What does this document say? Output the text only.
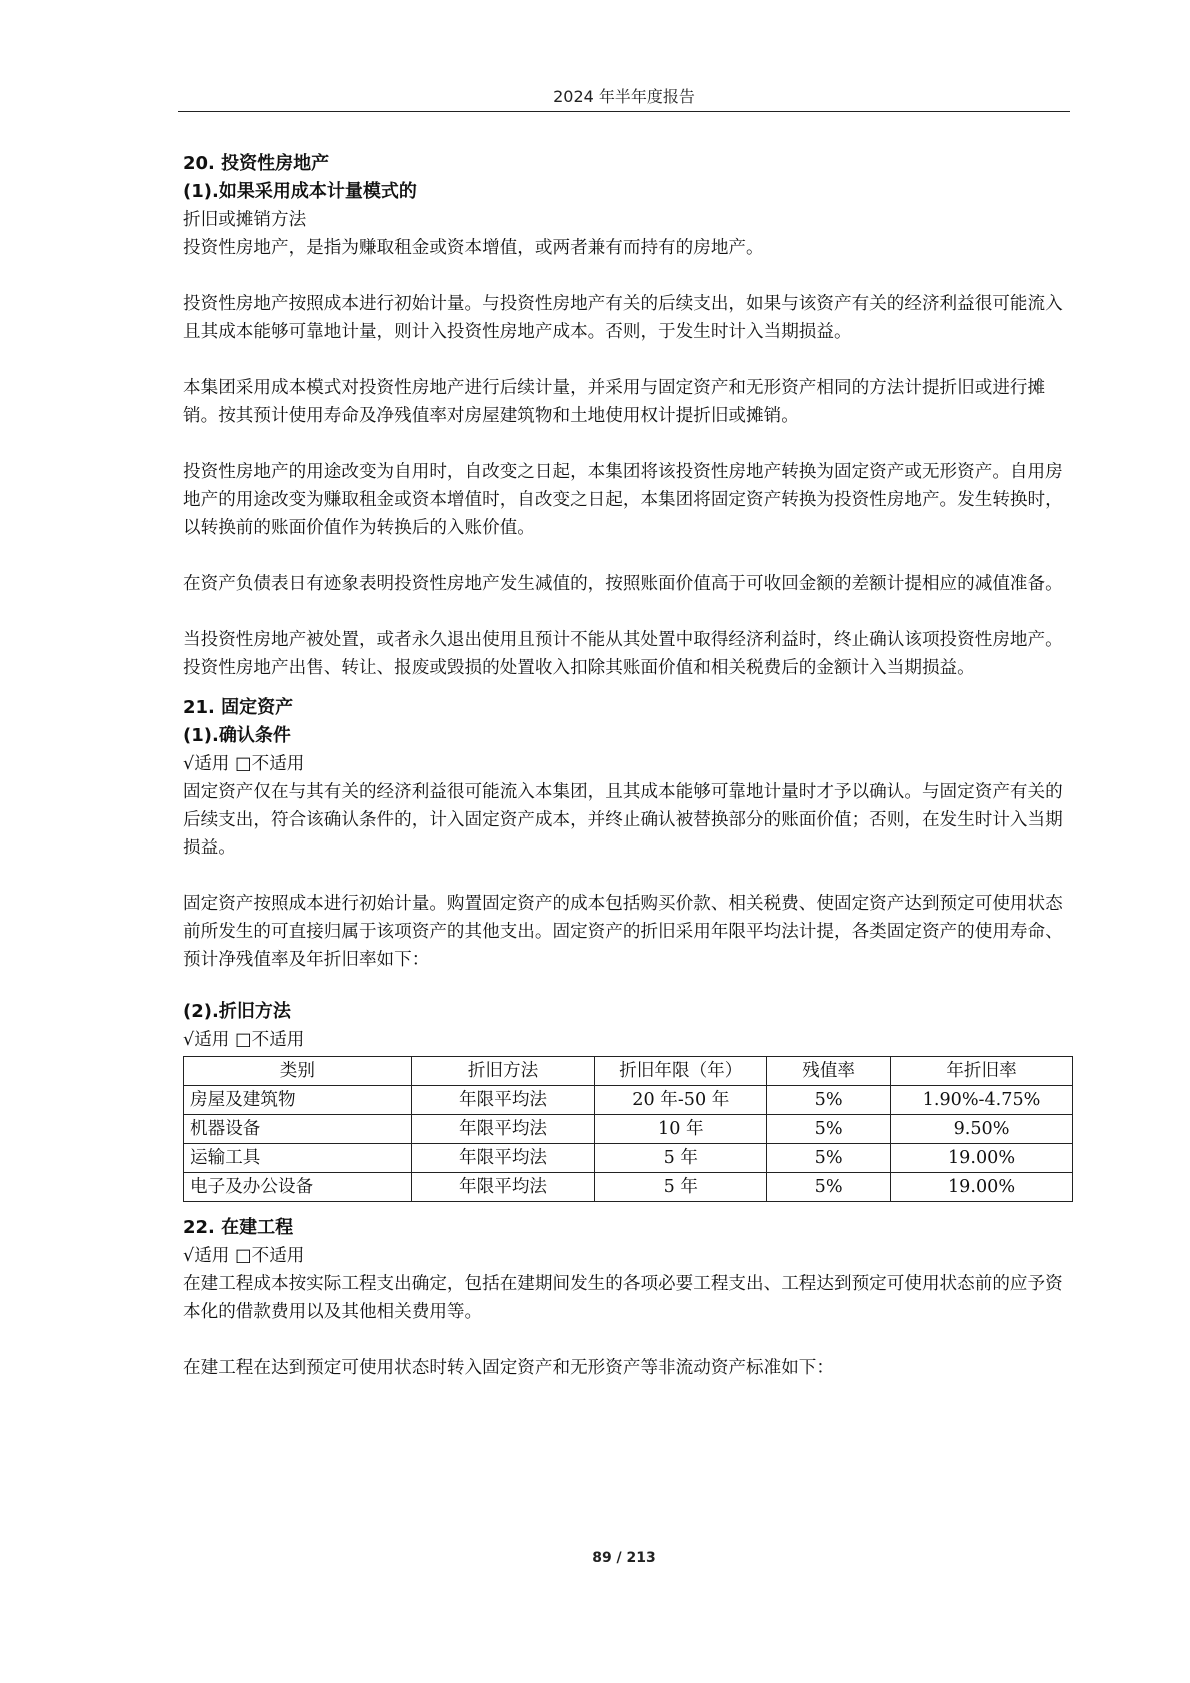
2024 年半年度报告

20. 投资性房地产

(1).如果采用成本计量模式的

折旧或摊销方法

投资性房地产，是指为赚取租金或资本增值，或两者兼有而持有的房地产。

投资性房地产按照成本进行初始计量。与投资性房地产有关的后续支出，如果与该资产有关的经济利益很可能流入且其成本能够可靠地计量，则计入投资性房地产成本。否则，于发生时计入当期损益。

本集团采用成本模式对投资性房地产进行后续计量，并采用与固定资产和无形资产相同的方法计提折旧或进行摊销。按其预计使用寿命及净残值率对房屋建筑物和土地使用权计提折旧或摊销。

投资性房地产的用途改变为自用时，自改变之日起，本集团将该投资性房地产转换为固定资产或无形资产。自用房地产的用途改变为赚取租金或资本增值时，自改变之日起，本集团将固定资产转换为投资性房地产。发生转换时，以转换前的账面价值作为转换后的入账价值。

在资产负债表日有迹象表明投资性房地产发生减值的，按照账面价值高于可收回金额的差额计提相应的减值准备。

当投资性房地产被处置，或者永久退出使用且预计不能从其处置中取得经济利益时，终止确认该项投资性房地产。投资性房地产出售、转让、报废或毁损的处置收入扣除其账面价值和相关税费后的金额计入当期损益。

21. 固定资产

(1).确认条件

√适用 □不适用

固定资产仅在与其有关的经济利益很可能流入本集团，且其成本能够可靠地计量时才予以确认。与固定资产有关的后续支出，符合该确认条件的，计入固定资产成本，并终止确认被替换部分的账面价值；否则，在发生时计入当期损益。

固定资产按照成本进行初始计量。购置固定资产的成本包括购买价款、相关税费、使固定资产达到预定可使用状态前所发生的可直接归属于该项资产的其他支出。固定资产的折旧采用年限平均法计提，各类固定资产的使用寿命、预计净残值率及年折旧率如下：

(2).折旧方法

√适用 □不适用

类别	折旧方法	折旧年限（年）	残值率	年折旧率
房屋及建筑物	年限平均法	20 年-50 年	5%	1.90%-4.75%
机器设备	年限平均法	10 年	5%	9.50%
运输工具	年限平均法	5 年	5%	19.00%
电子及办公设备	年限平均法	5 年	5%	19.00%

22. 在建工程

√适用 □不适用

在建工程成本按实际工程支出确定，包括在建期间发生的各项必要工程支出、工程达到预定可使用状态前的应予资本化的借款费用以及其他相关费用等。

在建工程在达到预定可使用状态时转入固定资产和无形资产等非流动资产标准如下：

89 / 213
